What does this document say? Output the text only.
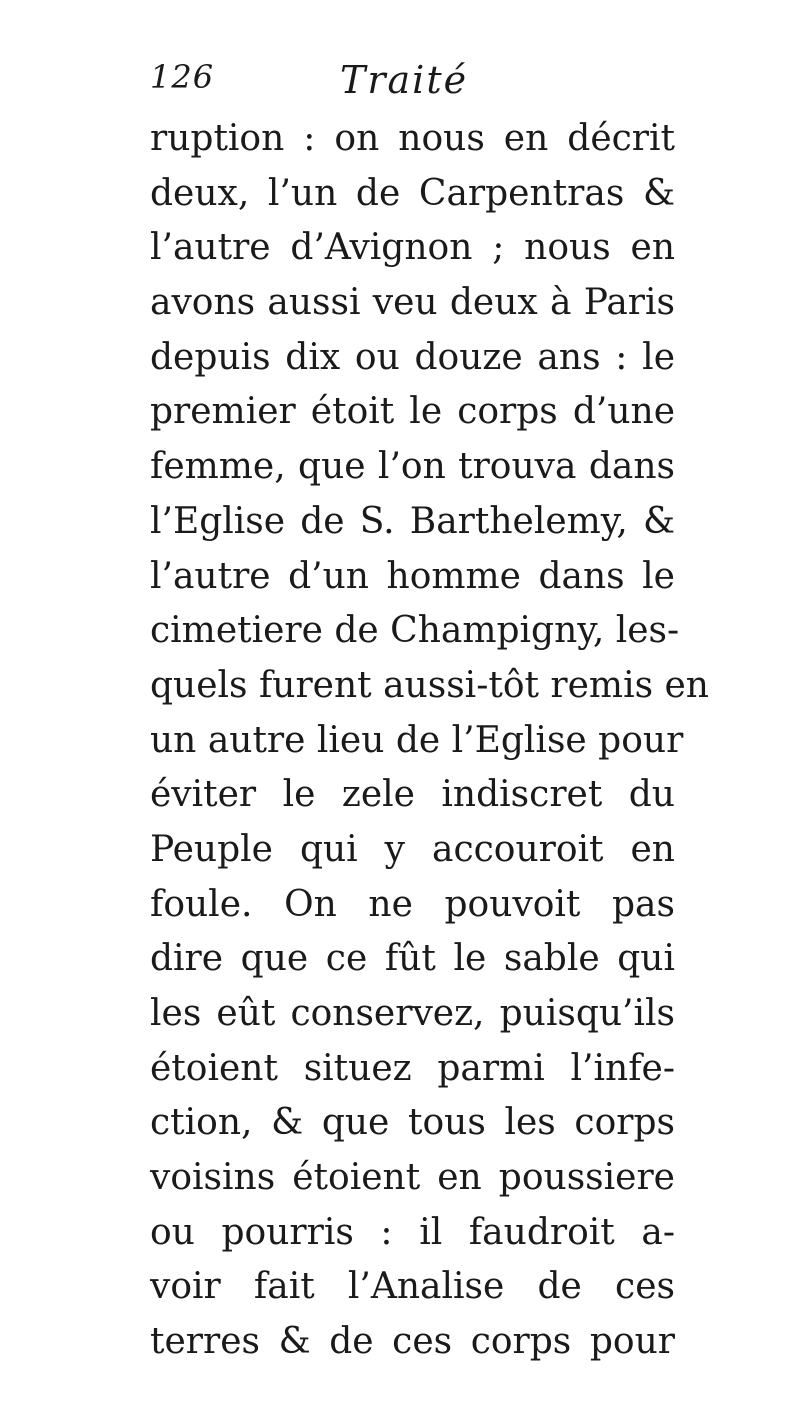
126	Traité
ruption : on nous en décrit
deux, l’un de Carpentras &
l’autre d’Avignon ; nous en
avons aussi veu deux à Paris
depuis dix ou douze ans : le
premier étoit le corps d’une
femme, que l’on trouva dans
l’Eglise de S. Barthelemy, &
l’autre d’un homme dans le
cimetiere de Champigny, les-
quels furent aussi-tôt remis en
un autre lieu de l’Eglise pour
éviter le zele indiscret du
Peuple qui y accouroit en
foule. On ne pouvoit pas
dire que ce fût le sable qui
les eût conservez, puisqu’ils
étoient situez parmi l’infe-
ction, & que tous les corps
voisins étoient en poussiere
ou pourris : il faudroit a-
voir fait l’Analise de ces
terres & de ces corps pour
